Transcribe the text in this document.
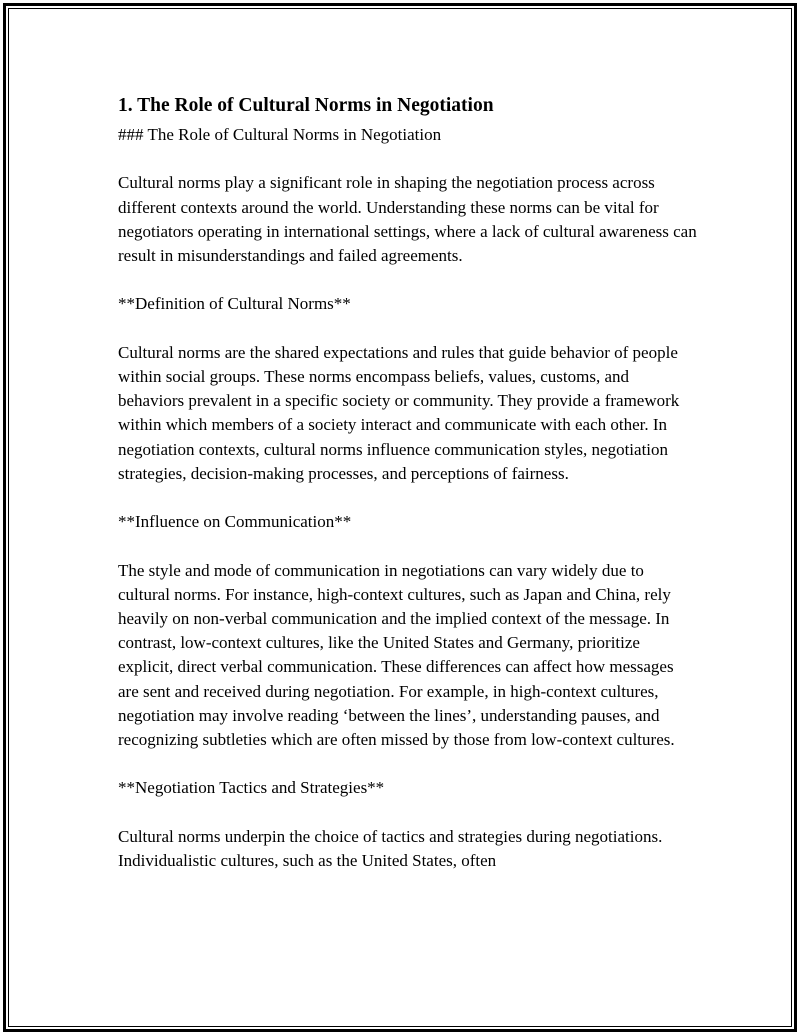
1. The Role of Cultural Norms in Negotiation

### The Role of Cultural Norms in Negotiation

Cultural norms play a significant role in shaping the negotiation process across different contexts around the world. Understanding these norms can be vital for negotiators operating in international settings, where a lack of cultural awareness can result in misunderstandings and failed agreements.

**Definition of Cultural Norms**

Cultural norms are the shared expectations and rules that guide behavior of people within social groups. These norms encompass beliefs, values, customs, and behaviors prevalent in a specific society or community. They provide a framework within which members of a society interact and communicate with each other. In negotiation contexts, cultural norms influence communication styles, negotiation strategies, decision-making processes, and perceptions of fairness.

**Influence on Communication**

The style and mode of communication in negotiations can vary widely due to cultural norms. For instance, high-context cultures, such as Japan and China, rely heavily on non-verbal communication and the implied context of the message. In contrast, low-context cultures, like the United States and Germany, prioritize explicit, direct verbal communication. These differences can affect how messages are sent and received during negotiation. For example, in high-context cultures, negotiation may involve reading ‘between the lines’, understanding pauses, and recognizing subtleties which are often missed by those from low-context cultures.

**Negotiation Tactics and Strategies**

Cultural norms underpin the choice of tactics and strategies during negotiations. Individualistic cultures, such as the United States, often
